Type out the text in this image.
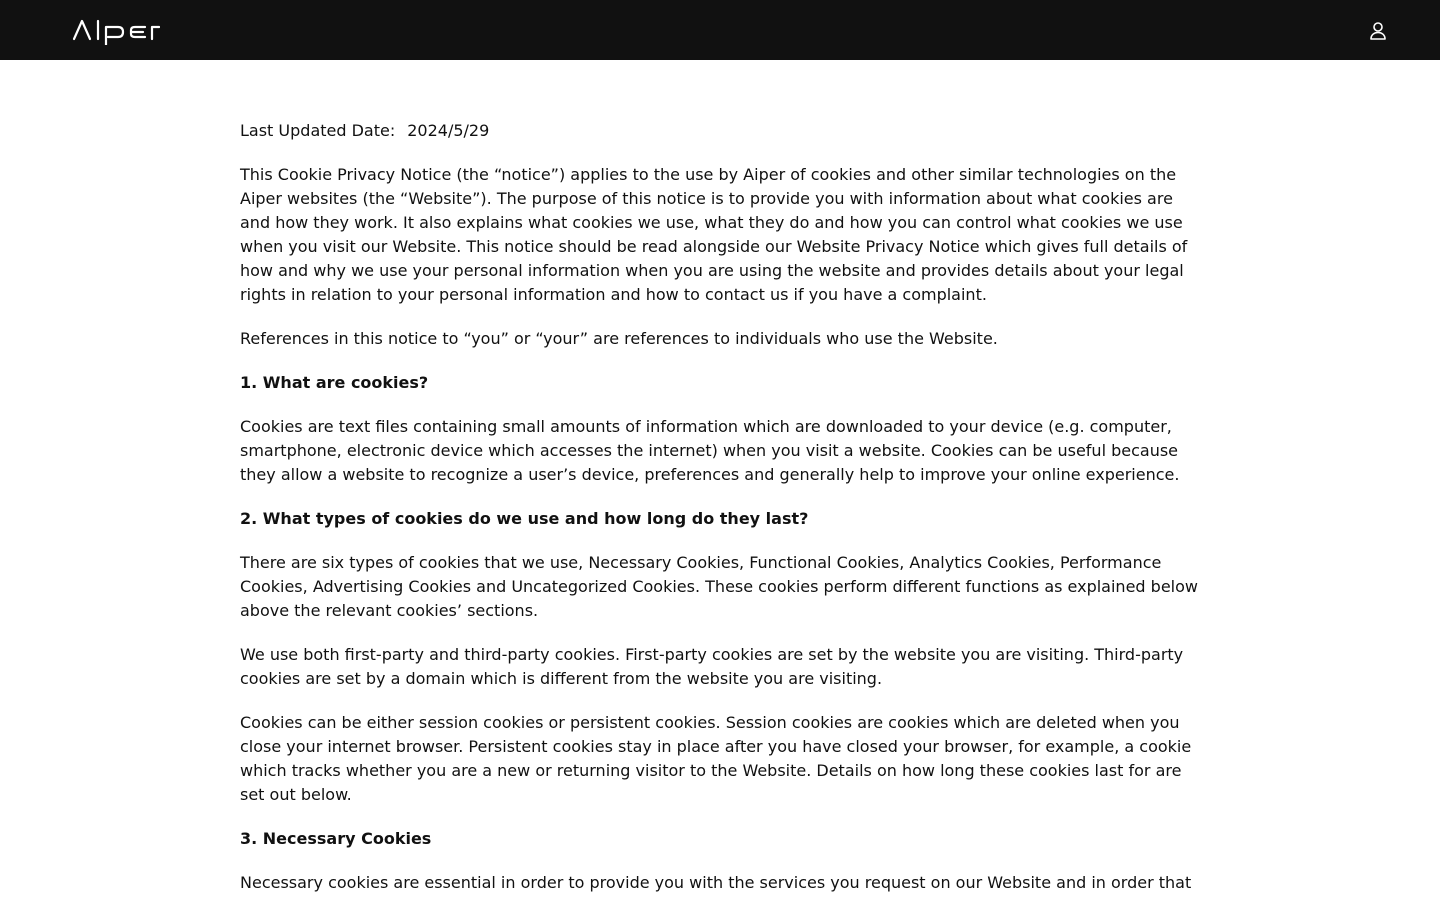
Last Updated Date: 2024/5/29

This Cookie Privacy Notice (the “notice”) applies to the use by Aiper of cookies and other similar technologies on the Aiper websites (the “Website”). The purpose of this notice is to provide you with information about what cookies are and how they work. It also explains what cookies we use, what they do and how you can control what cookies we use when you visit our Website. This notice should be read alongside our Website Privacy Notice which gives full details of how and why we use your personal information when you are using the website and provides details about your legal rights in relation to your personal information and how to contact us if you have a complaint.

References in this notice to “you” or “your” are references to individuals who use the Website.

1. What are cookies?

Cookies are text files containing small amounts of information which are downloaded to your device (e.g. computer, smartphone, electronic device which accesses the internet) when you visit a website. Cookies can be useful because they allow a website to recognize a user’s device, preferences and generally help to improve your online experience.

2. What types of cookies do we use and how long do they last?

There are six types of cookies that we use, Necessary Cookies, Functional Cookies, Analytics Cookies, Performance Cookies, Advertising Cookies and Uncategorized Cookies. These cookies perform different functions as explained below above the relevant cookies’ sections.

We use both first-party and third-party cookies. First-party cookies are set by the website you are visiting. Third-party cookies are set by a domain which is different from the website you are visiting.

Cookies can be either session cookies or persistent cookies. Session cookies are cookies which are deleted when you close your internet browser. Persistent cookies stay in place after you have closed your browser, for example, a cookie which tracks whether you are a new or returning visitor to the Website. Details on how long these cookies last for are set out below.

3. Necessary Cookies

Necessary cookies are essential in order to provide you with the services you request on our Website and in order that
